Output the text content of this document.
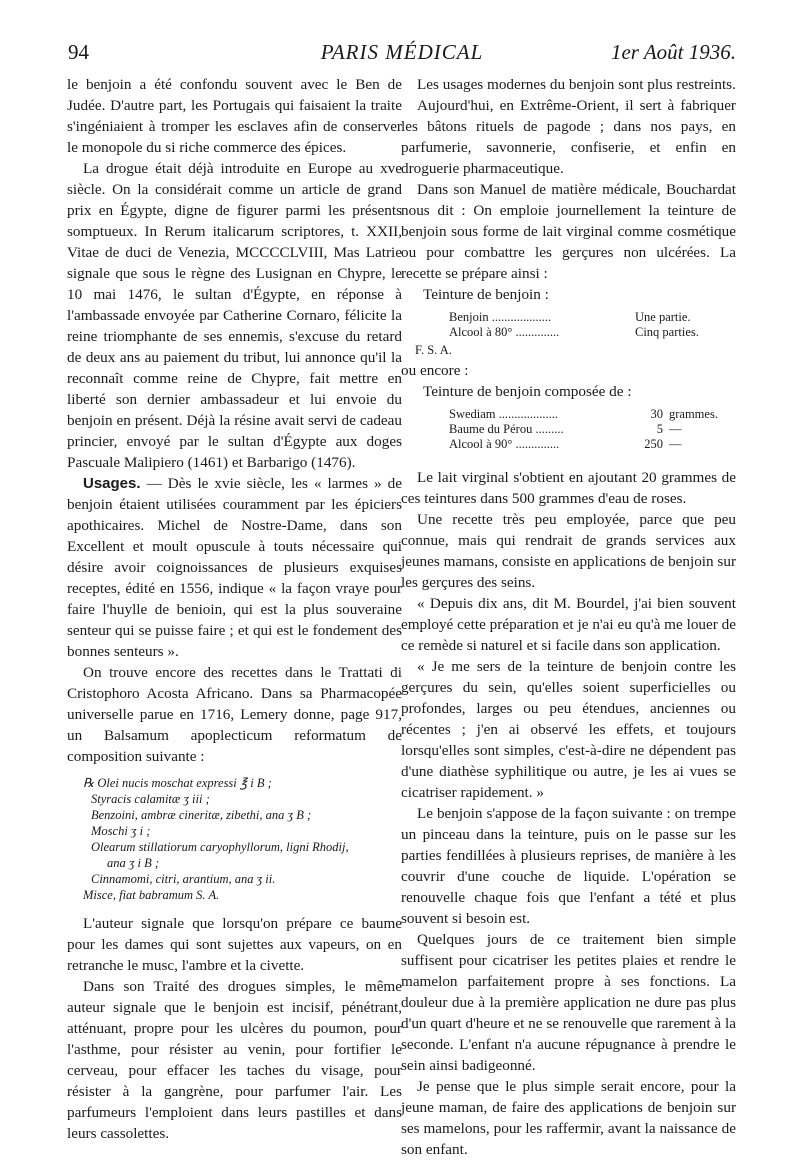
94	PARIS MÉDICAL	1er Août 1936.

le benjoin a été confondu souvent avec le Ben de Judée. D'autre part, les Portugais qui faisaient la traite s'ingéniaient à tromper les esclaves afin de conserver le monopole du si riche commerce des épices.

La drogue était déjà introduite en Europe au xve siècle. On la considérait comme un article de grand prix en Égypte, digne de figurer parmi les présents somptueux. In Rerum italicarum scriptores, t. XXII, Vitae de duci de Venezia, MCCCCLVIII, Mas Latrie signale que sous le règne des Lusignan en Chypre, le 10 mai 1476, le sultan d'Égypte, en réponse à l'ambassade envoyée par Catherine Cornaro, félicite la reine triomphante de ses ennemis, s'excuse du retard de deux ans au paiement du tribut, lui annonce qu'il la reconnaît comme reine de Chypre, fait mettre en liberté son dernier ambassadeur et lui envoie du benjoin en présent. Déjà la résine avait servi de cadeau princier, envoyé par le sultan d'Égypte aux doges Pascuale Malipiero (1461) et Barbarigo (1476).

Usages. — Dès le xvie siècle, les « larmes » de benjoin étaient utilisées couramment par les épiciers apothicaires. Michel de Nostre-Dame, dans son Excellent et moult opuscule à touts nécessaire qui désire avoir coignoissances de plusieurs exquises receptes, édité en 1556, indique « la façon vraye pour faire l'huylle de benioin, qui est la plus souveraine senteur qui se puisse faire ; et qui est le fondement des bonnes senteurs ».

On trouve encore des recettes dans le Trattati di Cristophoro Acosta Africano. Dans sa Pharmacopée universelle parue en 1716, Lemery donne, page 917, un Balsamum apoplecticum reformatum de composition suivante :

℞ Olei nucis moschat expressi ℥ i B ;
Styracis calamitæ ʒ iii ;
Benzoini, ambræ cineritæ, zibethi, ana ʒ B ;
Moschi ʒ i ;
Olearum stillatiorum caryophyllorum, ligni Rhodij,
ana ʒ i B ;
Cinnamomi, citri, arantium, ana ʒ ii.
Misce, fiat babramum S. A.

L'auteur signale que lorsqu'on prépare ce baume pour les dames qui sont sujettes aux vapeurs, on en retranche le musc, l'ambre et la civette.

Dans son Traité des drogues simples, le même auteur signale que le benjoin est incisif, pénétrant, atténuant, propre pour les ulcères du poumon, pour l'asthme, pour résister au venin, pour fortifier le cerveau, pour effacer les taches du visage, pour résister à la gangrène, pour parfumer l'air. Les parfumeurs l'emploient dans leurs pastilles et dans leurs cassolettes.

Les usages modernes du benjoin sont plus restreints.

Aujourd'hui, en Extrême-Orient, il sert à fabriquer les bâtons rituels de pagode ; dans nos pays, en parfumerie, savonnerie, confiserie, et enfin en droguerie pharmaceutique.

Dans son Manuel de matière médicale, Bouchardat nous dit : On emploie journellement la teinture de benjoin sous forme de lait virginal comme cosmétique ou pour combattre les gerçures non ulcérées. La recette se prépare ainsi :

Teinture de benjoin :

Benjoin ...................	Une partie.
Alcool à 80° ..............	Cinq parties.
F. S. A.

ou encore :

Teinture de benjoin composée de :

Swediam ...................	30	grammes.
Baume du Pérou .........	5	—
Alcool à 90° ..............	250	—

Le lait virginal s'obtient en ajoutant 20 grammes de ces teintures dans 500 grammes d'eau de roses.

Une recette très peu employée, parce que peu connue, mais qui rendrait de grands services aux jeunes mamans, consiste en applications de benjoin sur les gerçures des seins.

« Depuis dix ans, dit M. Bourdel, j'ai bien souvent employé cette préparation et je n'ai eu qu'à me louer de ce remède si naturel et si facile dans son application.

« Je me sers de la teinture de benjoin contre les gerçures du sein, qu'elles soient superficielles ou profondes, larges ou peu étendues, anciennes ou récentes ; j'en ai observé les effets, et toujours lorsqu'elles sont simples, c'est-à-dire ne dépendent pas d'une diathèse syphilitique ou autre, je les ai vues se cicatriser rapidement. »

Le benjoin s'appose de la façon suivante : on trempe un pinceau dans la teinture, puis on le passe sur les parties fendillées à plusieurs reprises, de manière à les couvrir d'une couche de liquide. L'opération se renouvelle chaque fois que l'enfant a tété et plus souvent si besoin est.

Quelques jours de ce traitement bien simple suffisent pour cicatriser les petites plaies et rendre le mamelon parfaitement propre à ses fonctions. La douleur due à la première application ne dure pas plus d'un quart d'heure et ne se renouvelle que rarement à la seconde. L'enfant n'a aucune répugnance à prendre le sein ainsi badigeonné.

Je pense que le plus simple serait encore, pour la jeune maman, de faire des applications de benjoin sur ses mamelons, pour les raffermir, avant la naissance de son enfant.
